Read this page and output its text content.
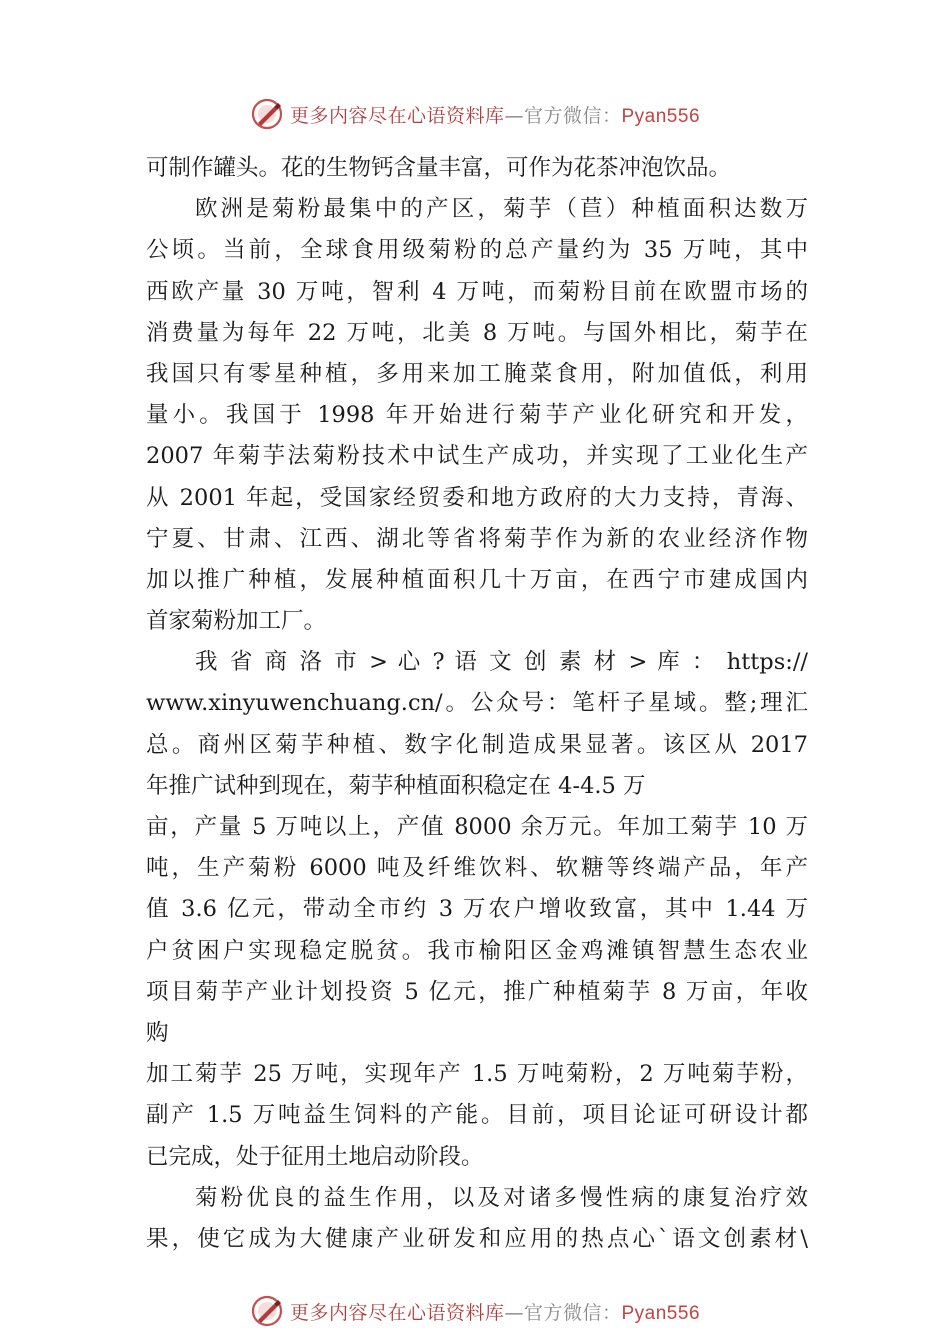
更多内容尽在心语资料库—官方微信：Pyan556
可制作罐头。花的生物钙含量丰富，可作为花茶冲泡饮品。
欧洲是菊粉最集中的产区，菊芋（苣）种植面积达数万
公顷。当前，全球食用级菊粉的总产量约为 35 万吨，其中
西欧产量 30 万吨，智利 4 万吨，而菊粉目前在欧盟市场的
消费量为每年 22 万吨，北美 8 万吨。与国外相比，菊芋在
我国只有零星种植，多用来加工腌菜食用，附加值低，利用
量小。我国于 1998 年开始进行菊芋产业化研究和开发，
2007 年菊芋法菊粉技术中试生产成功，并实现了工业化生产
从 2001 年起，受国家经贸委和地方政府的大力支持，青海、
宁夏、甘肃、江西、湖北等省将菊芋作为新的农业经济作物
加以推广种植，发展种植面积几十万亩，在西宁市建成国内
首家菊粉加工厂。
我 省 商 洛 市 > 心 ? 语 文 创 素 材 > 库 ： https://
www.xinyuwenchuang.cn/。公众号：笔杆子星域。整;理汇
总。商州区菊芋种植、数字化制造成果显著。该区从 2017
年推广试种到现在，菊芋种植面积稳定在 4-4.5 万
亩，产量 5 万吨以上，产值 8000 余万元。年加工菊芋 10 万
吨，生产菊粉 6000 吨及纤维饮料、软糖等终端产品，年产
值 3.6 亿元，带动全市约 3 万农户增收致富，其中 1.44 万
户贫困户实现稳定脱贫。我市榆阳区金鸡滩镇智慧生态农业
项目菊芋产业计划投资 5 亿元，推广种植菊芋 8 万亩，年收
购
加工菊芋 25 万吨，实现年产 1.5 万吨菊粉，2 万吨菊芋粉，
副产 1.5 万吨益生饲料的产能。目前，项目论证可研设计都
已完成，处于征用土地启动阶段。
菊粉优良的益生作用，以及对诸多慢性病的康复治疗效
果，使它成为大健康产业研发和应用的热点心`语文创素材\
更多内容尽在心语资料库—官方微信：Pyan556
